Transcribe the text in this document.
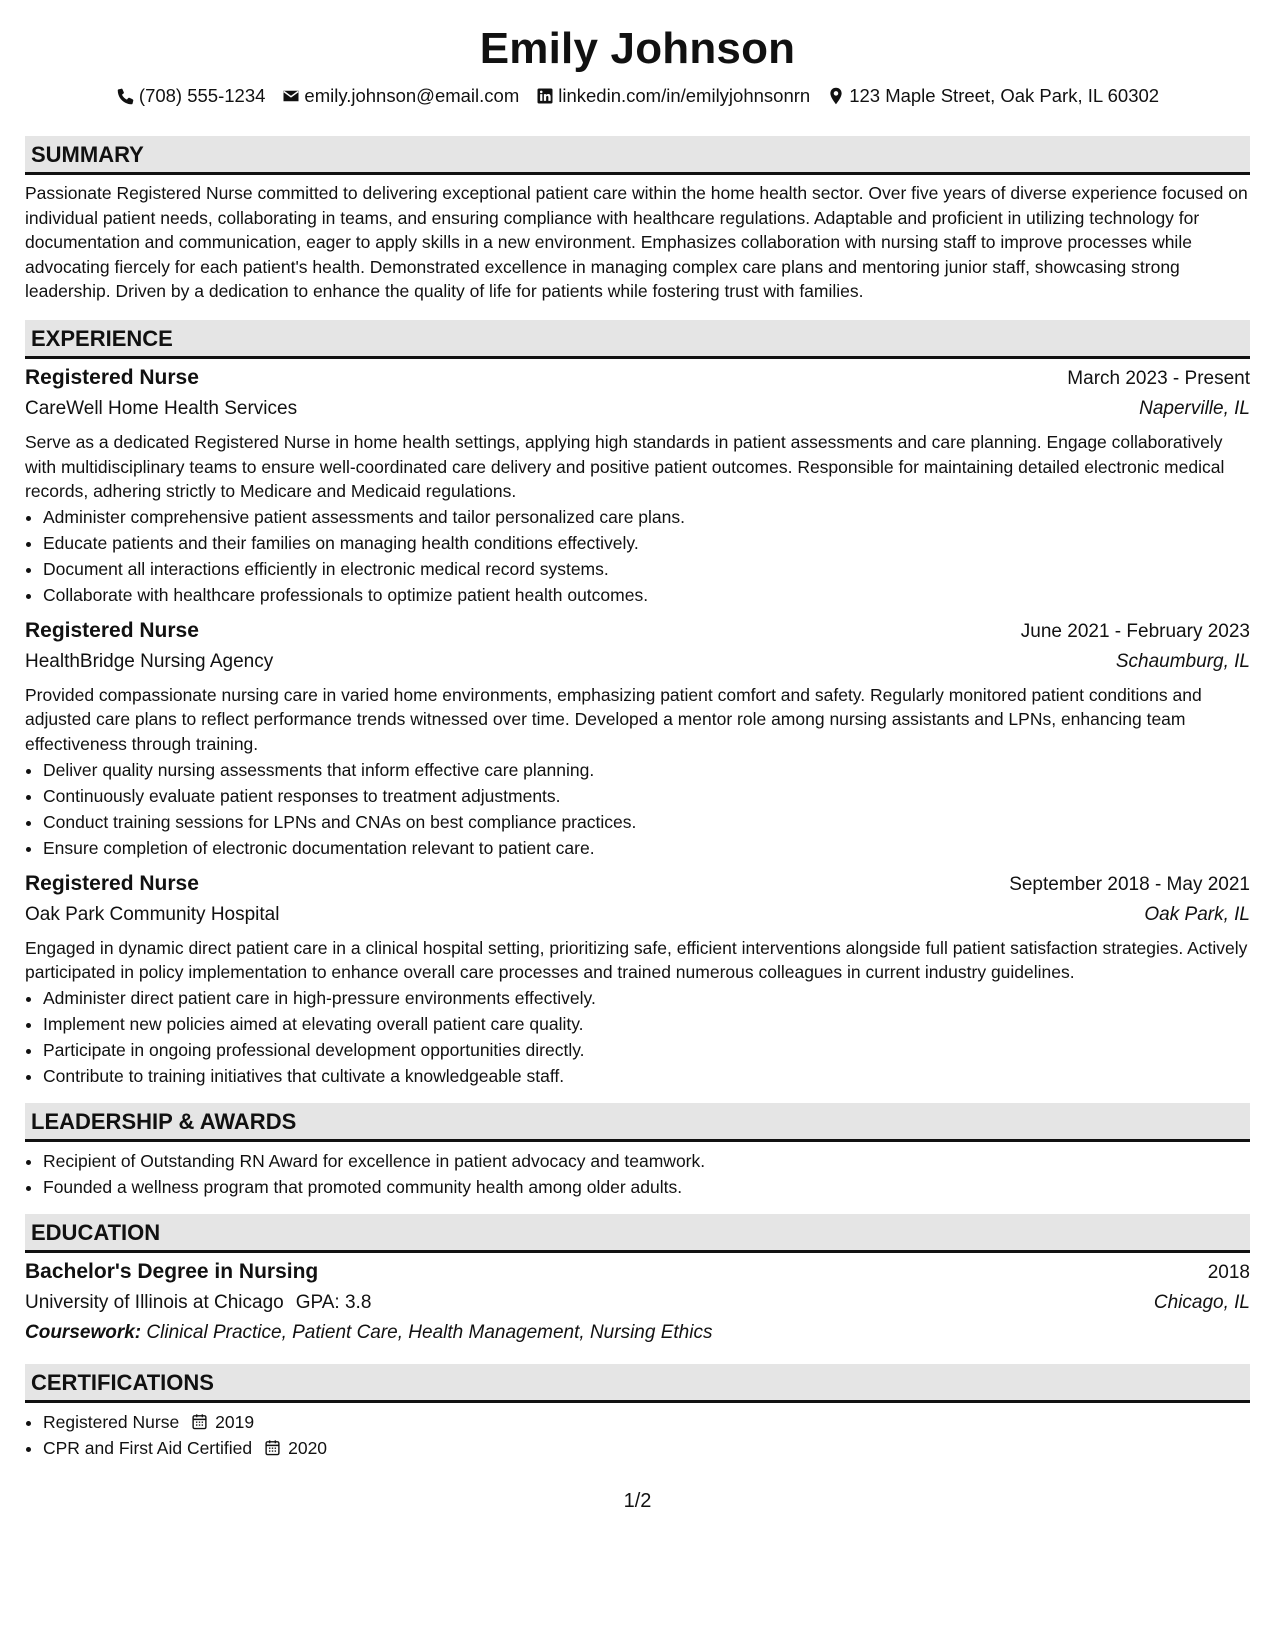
Emily Johnson
(708) 555-1234 emily.johnson@email.com linkedin.com/in/emilyjohnsonrn 123 Maple Street, Oak Park, IL 60302
SUMMARY

Passionate Registered Nurse committed to delivering exceptional patient care within the home health sector. Over five years of diverse experience focused on individual patient needs, collaborating in teams, and ensuring compliance with healthcare regulations. Adaptable and proficient in utilizing technology for documentation and communication, eager to apply skills in a new environment. Emphasizes collaboration with nursing staff to improve processes while advocating fiercely for each patient's health. Demonstrated excellence in managing complex care plans and mentoring junior staff, showcasing strong leadership. Driven by a dedication to enhance the quality of life for patients while fostering trust with families.

EXPERIENCE
Registered Nurse	March 2023 - Present
CareWell Home Health Services	Naperville, IL

Serve as a dedicated Registered Nurse in home health settings, applying high standards in patient assessments and care planning. Engage collaboratively with multidisciplinary teams to ensure well-coordinated care delivery and positive patient outcomes. Responsible for maintaining detailed electronic medical records, adhering strictly to Medicare and Medicaid regulations.

• Administer comprehensive patient assessments and tailor personalized care plans.
• Educate patients and their families on managing health conditions effectively.
• Document all interactions efficiently in electronic medical record systems.
• Collaborate with healthcare professionals to optimize patient health outcomes.
Registered Nurse	June 2021 - February 2023
HealthBridge Nursing Agency	Schaumburg, IL

Provided compassionate nursing care in varied home environments, emphasizing patient comfort and safety. Regularly monitored patient conditions and adjusted care plans to reflect performance trends witnessed over time. Developed a mentor role among nursing assistants and LPNs, enhancing team effectiveness through training.

• Deliver quality nursing assessments that inform effective care planning.
• Continuously evaluate patient responses to treatment adjustments.
• Conduct training sessions for LPNs and CNAs on best compliance practices.
• Ensure completion of electronic documentation relevant to patient care.
Registered Nurse	September 2018 - May 2021
Oak Park Community Hospital	Oak Park, IL

Engaged in dynamic direct patient care in a clinical hospital setting, prioritizing safe, efficient interventions alongside full patient satisfaction strategies. Actively participated in policy implementation to enhance overall care processes and trained numerous colleagues in current industry guidelines.

• Administer direct patient care in high-pressure environments effectively.
• Implement new policies aimed at elevating overall patient care quality.
• Participate in ongoing professional development opportunities directly.
• Contribute to training initiatives that cultivate a knowledgeable staff.
LEADERSHIP & AWARDS
• Recipient of Outstanding RN Award for excellence in patient advocacy and teamwork.
• Founded a wellness program that promoted community health among older adults.
EDUCATION
Bachelor's Degree in Nursing	2018
University of Illinois at Chicago GPA: 3.8	Chicago, IL
Coursework: Clinical Practice, Patient Care, Health Management, Nursing Ethics
CERTIFICATIONS
• Registered Nurse 2019
• CPR and First Aid Certified 2020
1/2
